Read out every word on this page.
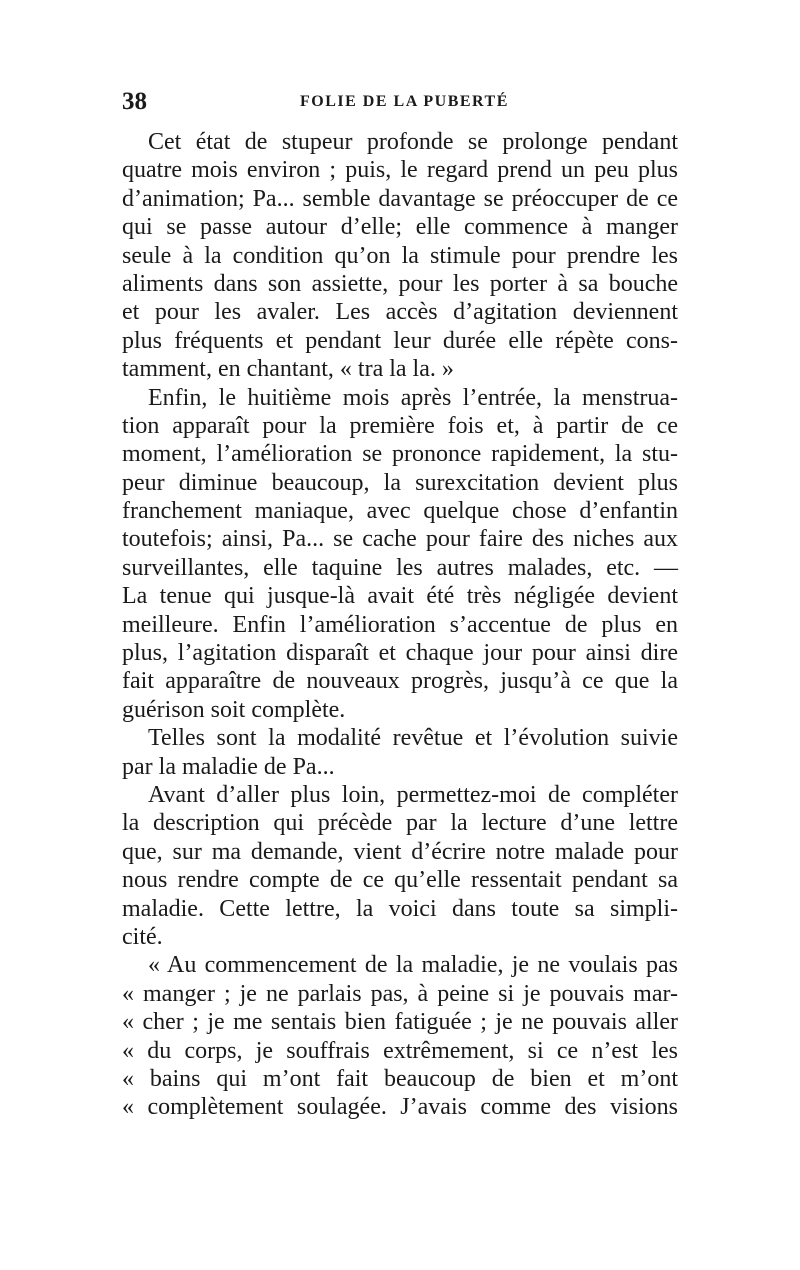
38	FOLIE DE LA PUBERTÉ
Cet état de stupeur profonde se prolonge pendant
quatre mois environ ; puis, le regard prend un peu plus
d’animation; Pa... semble davantage se préoccuper de ce
qui se passe autour d’elle; elle commence à manger
seule à la condition qu’on la stimule pour prendre les
aliments dans son assiette, pour les porter à sa bouche
et pour les avaler. Les accès d’agitation deviennent
plus fréquents et pendant leur durée elle répète cons-
tamment, en chantant, « tra la la. »
Enfin, le huitième mois après l’entrée, la menstrua-
tion apparaît pour la première fois et, à partir de ce
moment, l’amélioration se prononce rapidement, la stu-
peur diminue beaucoup, la surexcitation devient plus
franchement maniaque, avec quelque chose d’enfantin
toutefois; ainsi, Pa... se cache pour faire des niches aux
surveillantes, elle taquine les autres malades, etc. —
La tenue qui jusque-là avait été très négligée devient
meilleure. Enfin l’amélioration s’accentue de plus en
plus, l’agitation disparaît et chaque jour pour ainsi dire
fait apparaître de nouveaux progrès, jusqu’à ce que la
guérison soit complète.
Telles sont la modalité revêtue et l’évolution suivie
par la maladie de Pa...
Avant d’aller plus loin, permettez-moi de compléter
la description qui précède par la lecture d’une lettre
que, sur ma demande, vient d’écrire notre malade pour
nous rendre compte de ce qu’elle ressentait pendant sa
maladie. Cette lettre, la voici dans toute sa simpli-
cité.
« Au commencement de la maladie, je ne voulais pas
« manger ; je ne parlais pas, à peine si je pouvais mar-
« cher ; je me sentais bien fatiguée ; je ne pouvais aller
« du corps, je souffrais extrêmement, si ce n’est les
« bains qui m’ont fait beaucoup de bien et m’ont
« complètement soulagée. J’avais comme des visions
